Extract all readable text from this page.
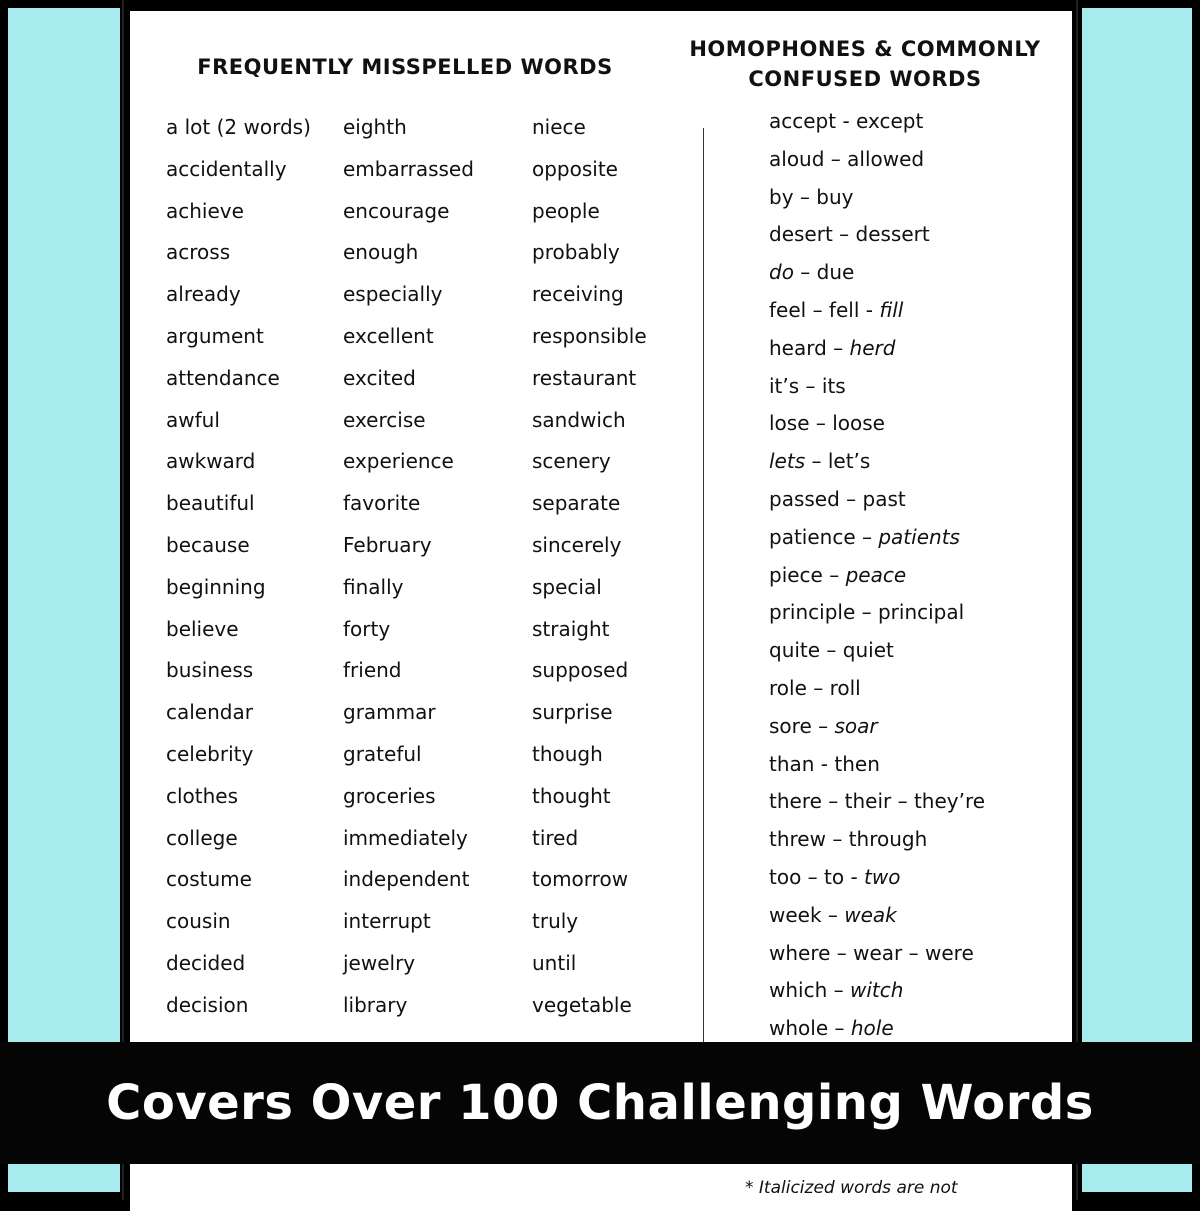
FREQUENTLY MISSPELLED WORDS
HOMOPHONES & COMMONLY
CONFUSED WORDS
a lot (2 words)
accidentally
achieve
across
already
argument
attendance
awful
awkward
beautiful
because
beginning
believe
business
calendar
celebrity
clothes
college
costume
cousin
decided
decision
eighth
embarrassed
encourage
enough
especially
excellent
excited
exercise
experience
favorite
February
finally
forty
friend
grammar
grateful
groceries
immediately
independent
interrupt
jewelry
library
niece
opposite
people
probably
receiving
responsible
restaurant
sandwich
scenery
separate
sincerely
special
straight
supposed
surprise
though
thought
tired
tomorrow
truly
until
vegetable
accept - except
aloud – allowed
by – buy
desert – dessert
do – due
feel – fell - fill
heard – herd
it’s – its
lose – loose
lets – let’s
passed – past
patience – patients
piece – peace
principle – principal
quite – quiet
role – roll
sore – soar
than - then
there – their – they’re
threw – through
too – to - two
week – weak
where – wear – were
which – witch
whole – hole
* Italicized words are not
Covers Over 100 Challenging Words
